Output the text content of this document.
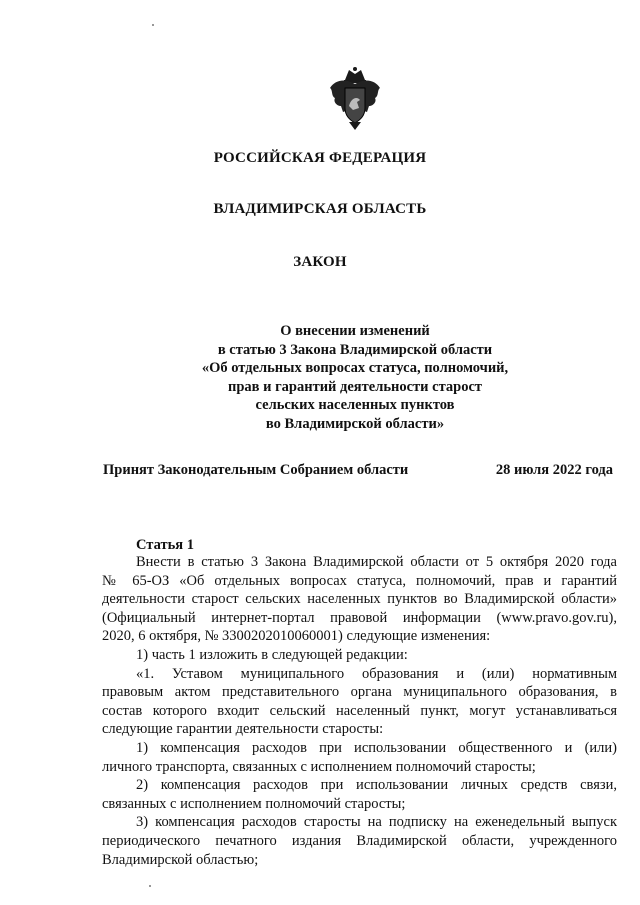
РОССИЙСКАЯ ФЕДЕРАЦИЯ
ВЛАДИМИРСКАЯ ОБЛАСТЬ
ЗАКОН
О внесении изменений
в статью 3 Закона Владимирской области
«Об отдельных вопросах статуса, полномочий,
прав и гарантий деятельности старост
сельских населенных пунктов
во Владимирской области»
Принят Законодательным Собранием области	28 июля 2022 года
Статья 1
Внести в статью 3 Закона Владимирской области от 5 октября 2020 года
№ 65-ОЗ «Об отдельных вопросах статуса, полномочий, прав и гарантий
деятельности старост сельских населенных пунктов во Владимирской области»
(Официальный интернет-портал правовой информации (www.pravo.gov.ru),
2020, 6 октября, № 3300202010060001) следующие изменения:
1) часть 1 изложить в следующей редакции:
«1. Уставом муниципального образования и (или) нормативным
правовым актом представительного органа муниципального образования, в
состав которого входит сельский населенный пункт, могут устанавливаться
следующие гарантии деятельности старосты:
1) компенсация расходов при использовании общественного и (или)
личного транспорта, связанных с исполнением полномочий старосты;
2) компенсация расходов при использовании личных средств связи,
связанных с исполнением полномочий старосты;
3) компенсация расходов старосты на подписку на еженедельный выпуск
периодического печатного издания Владимирской области, учрежденного
Владимирской областью;
